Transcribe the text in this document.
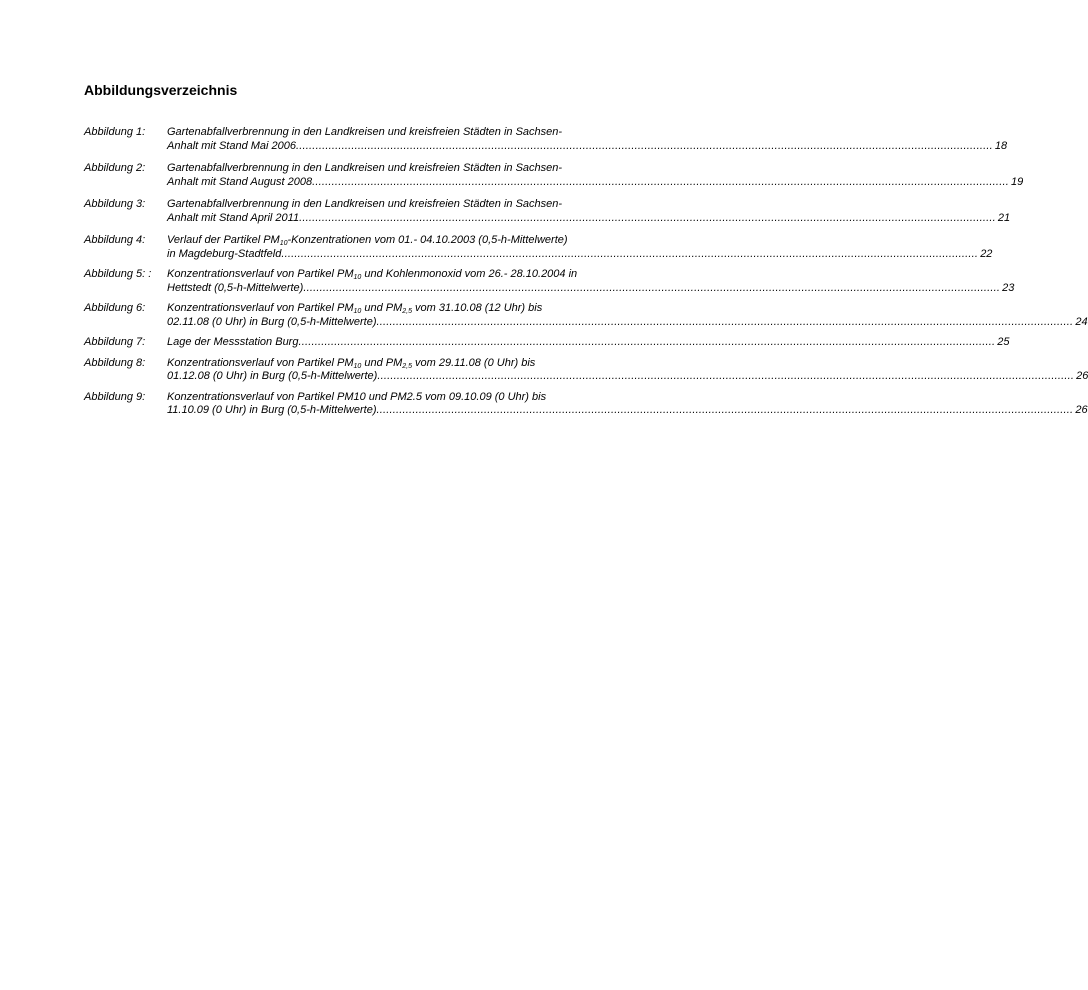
Abbildungsverzeichnis
Abbildung 1:	Gartenabfallverbrennung in den Landkreisen und kreisfreien Städten in Sachsen-
Anhalt mit Stand Mai 2006 .....	18
Abbildung 2:	Gartenabfallverbrennung in den Landkreisen und kreisfreien Städten in Sachsen-
Anhalt mit Stand August 2008 .....	19
Abbildung 3:	Gartenabfallverbrennung in den Landkreisen und kreisfreien Städten in Sachsen-
Anhalt mit Stand April 2011 .....	21
Abbildung 4:	Verlauf der Partikel $PM_{10}$-Konzentrationen vom 01.- 04.10.2003 (0,5-h-Mittelwerte)
in Magdeburg-Stadtfeld .....	22
Abbildung 5: :	Konzentrationsverlauf von Partikel $PM_{10}$ und Kohlenmonoxid vom 26.- 28.10.2004 in
Hettstedt (0,5-h-Mittelwerte) .....	23
Abbildung 6:	Konzentrationsverlauf von Partikel $PM_{10}$ und $PM_{2,5}$ vom 31.10.08 (12 Uhr) bis
02.11.08 (0 Uhr) in Burg (0,5-h-Mittelwerte) .....	24
Abbildung 7:	Lage der Messstation Burg .....	25
Abbildung 8:	Konzentrationsverlauf von Partikel $PM_{10}$ und $PM_{2,5}$ vom 29.11.08 (0 Uhr) bis
01.12.08 (0 Uhr) in Burg (0,5-h-Mittelwerte) .....	26
Abbildung 9:	Konzentrationsverlauf von Partikel PM10 und PM2.5 vom 09.10.09 (0 Uhr) bis
11.10.09 (0 Uhr) in Burg (0,5-h-Mittelwerte) .....	26
